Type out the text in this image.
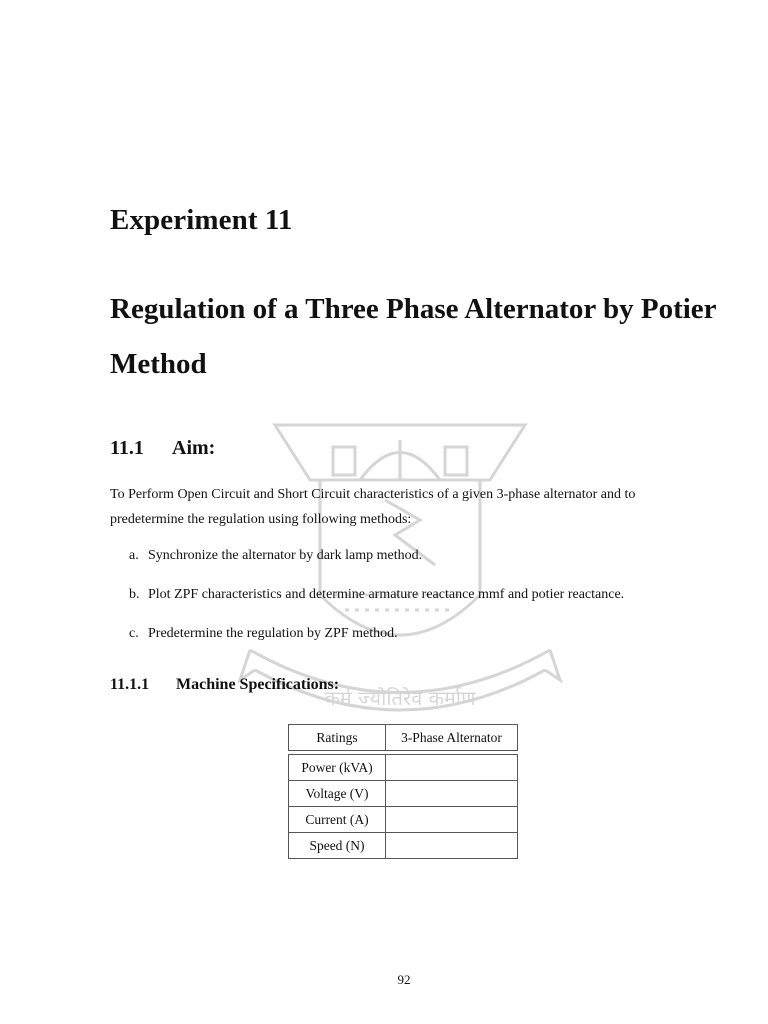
कर्म ज्योतिरेव कर्माण
Experiment 11
Regulation of a Three Phase Alternator by Potier Method
11.1 Aim:
To Perform Open Circuit and Short Circuit characteristics of a given 3-phase alternator and to predetermine the regulation using following methods:
a. Synchronize the alternator by dark lamp method.
b. Plot ZPF characteristics and determine armature reactance mmf and potier reactance.
c. Predetermine the regulation by ZPF method.
11.1.1 Machine Specifications:
Ratings	3-Phase Alternator
Power (kVA)	
Voltage (V)	
Current (A)	
Speed (N)	
92
